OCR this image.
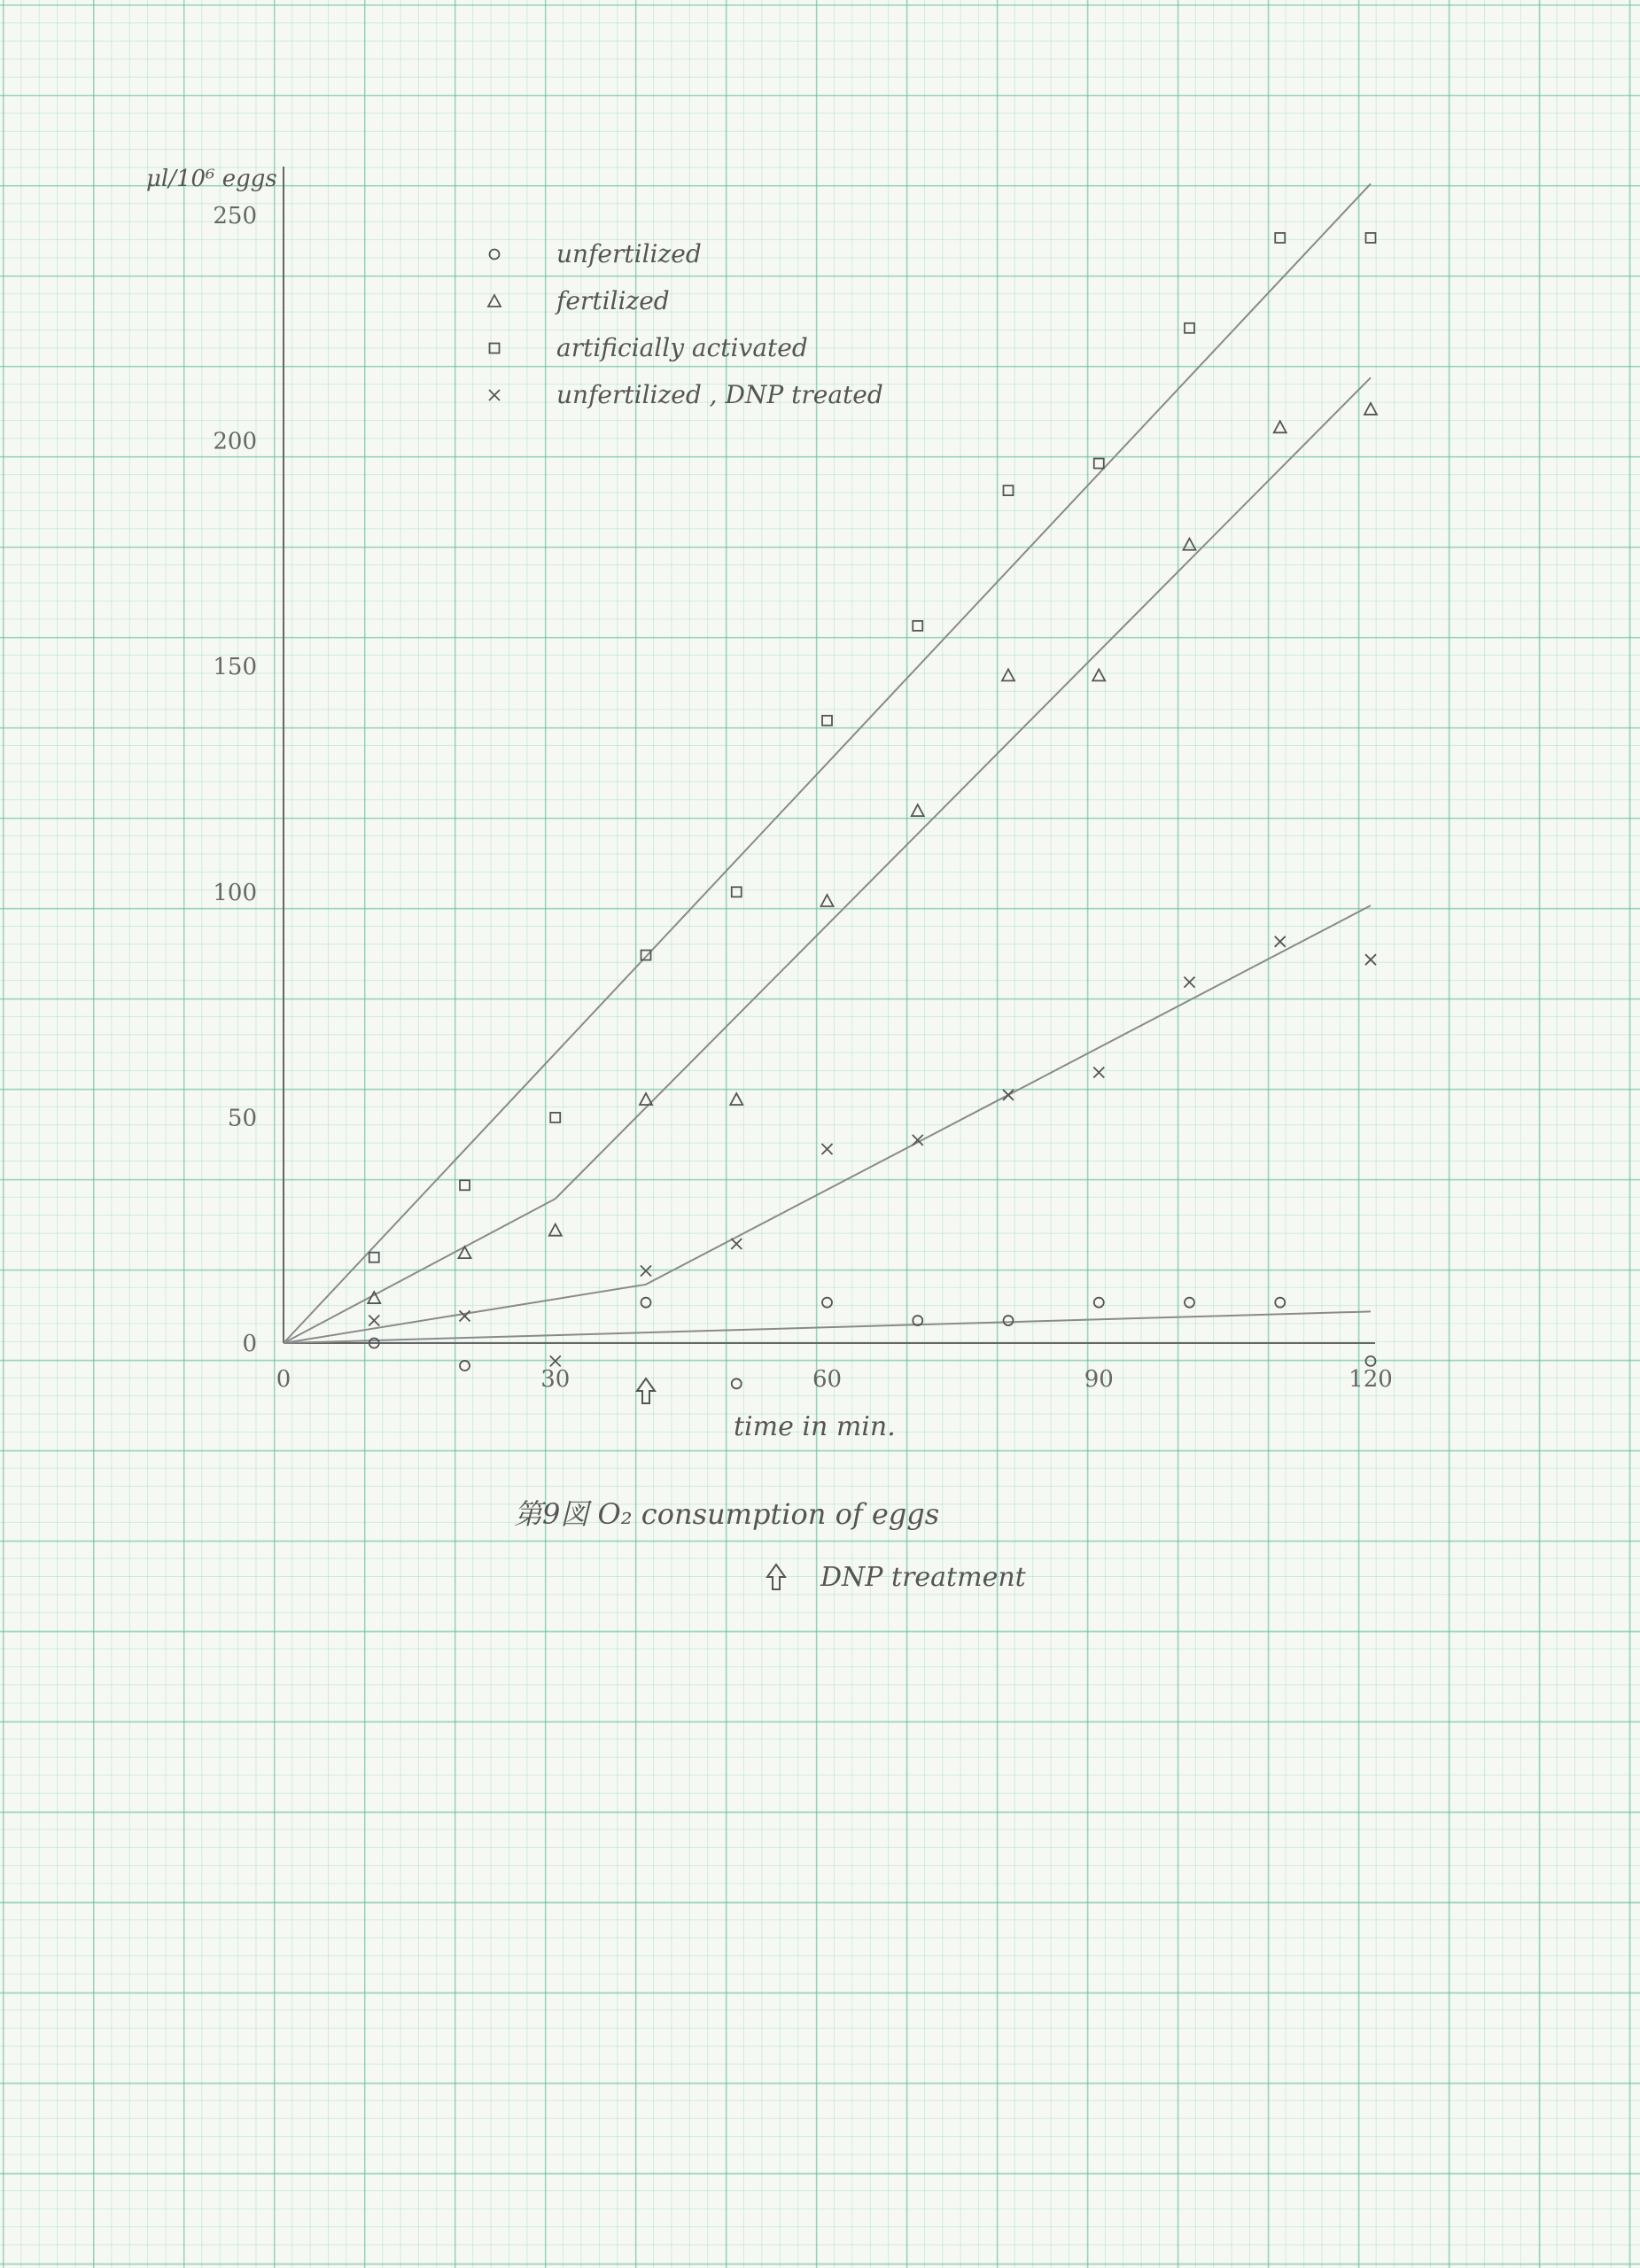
μl/10⁶ eggs
0
50
100
150
200
250
0	30	60	90	120
unfertilized
fertilized
artificially activated
unfertilized , DNP treated
time in min.
第9図 O₂ consumption of eggs
DNP treatment
